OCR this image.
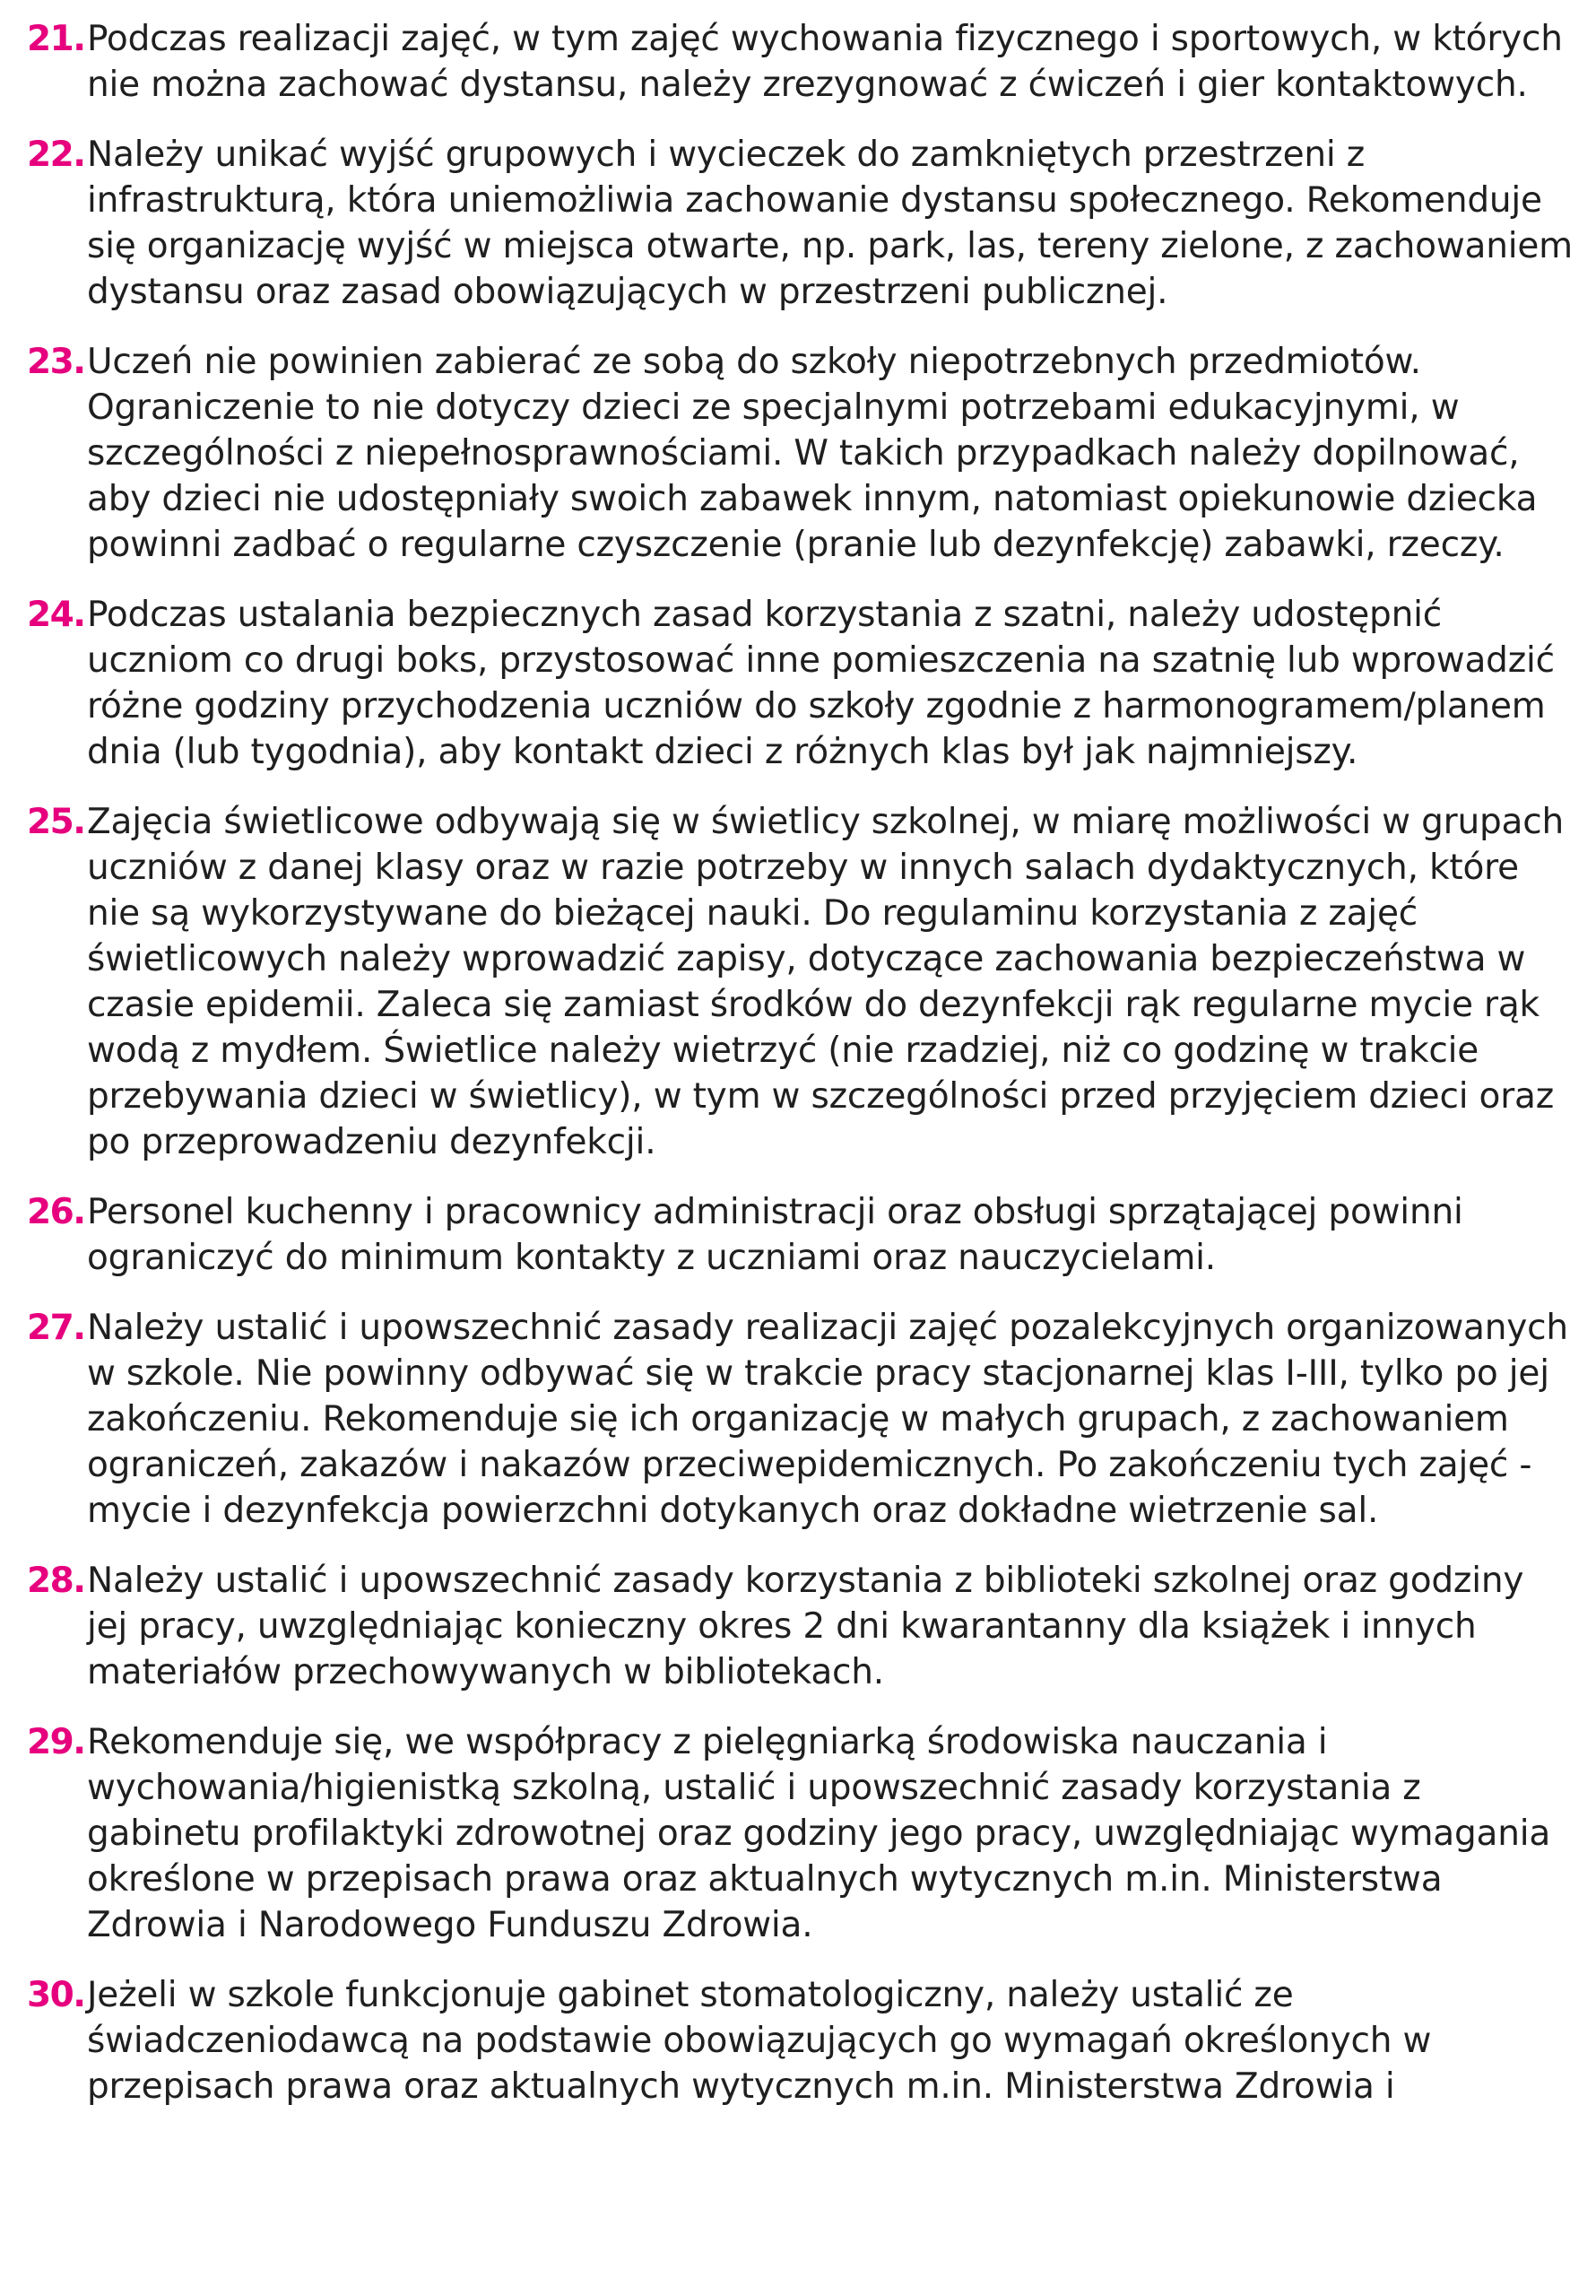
21. Podczas realizacji zajęć, w tym zajęć wychowania fizycznego i sportowych, w których nie można zachować dystansu, należy zrezygnować z ćwiczeń i gier kontaktowych.
22. Należy unikać wyjść grupowych i wycieczek do zamkniętych przestrzeni z infrastrukturą, która uniemożliwia zachowanie dystansu społecznego. Rekomenduje się organizację wyjść w miejsca otwarte, np. park, las, tereny zielone, z zachowaniem dystansu oraz zasad obowiązujących w przestrzeni publicznej.
23. Uczeń nie powinien zabierać ze sobą do szkoły niepotrzebnych przedmiotów. Ograniczenie to nie dotyczy dzieci ze specjalnymi potrzebami edukacyjnymi, w szczególności z niepełnosprawnościami. W takich przypadkach należy dopilnować, aby dzieci nie udostępniały swoich zabawek innym, natomiast opiekunowie dziecka powinni zadbać o regularne czyszczenie (pranie lub dezynfekcję) zabawki, rzeczy.
24. Podczas ustalania bezpiecznych zasad korzystania z szatni, należy udostępnić uczniom co drugi boks, przystosować inne pomieszczenia na szatnię lub wprowadzić różne godziny przychodzenia uczniów do szkoły zgodnie z harmonogramem/planem dnia (lub tygodnia), aby kontakt dzieci z różnych klas był jak najmniejszy.
25. Zajęcia świetlicowe odbywają się w świetlicy szkolnej, w miarę możliwości w grupach uczniów z danej klasy oraz w razie potrzeby w innych salach dydaktycznych, które nie są wykorzystywane do bieżącej nauki. Do regulaminu korzystania z zajęć świetlicowych należy wprowadzić zapisy, dotyczące zachowania bezpieczeństwa w czasie epidemii. Zaleca się zamiast środków do dezynfekcji rąk regularne mycie rąk wodą z mydłem. Świetlice należy wietrzyć (nie rzadziej, niż co godzinę w trakcie przebywania dzieci w świetlicy), w tym w szczególności przed przyjęciem dzieci oraz po przeprowadzeniu dezynfekcji.
26. Personel kuchenny i pracownicy administracji oraz obsługi sprzątającej powinni ograniczyć do minimum kontakty z uczniami oraz nauczycielami.
27. Należy ustalić i upowszechnić zasady realizacji zajęć pozalekcyjnych organizowanych w szkole. Nie powinny odbywać się w trakcie pracy stacjonarnej klas I-III, tylko po jej zakończeniu. Rekomenduje się ich organizację w małych grupach, z zachowaniem ograniczeń, zakazów i nakazów przeciwepidemicznych. Po zakończeniu tych zajęć - mycie i dezynfekcja powierzchni dotykanych oraz dokładne wietrzenie sal.
28. Należy ustalić i upowszechnić zasady korzystania z biblioteki szkolnej oraz godziny jej pracy, uwzględniając konieczny okres 2 dni kwarantanny dla książek i innych materiałów przechowywanych w bibliotekach.
29. Rekomenduje się, we współpracy z pielęgniarką środowiska nauczania i wychowania/higienistką szkolną, ustalić i upowszechnić zasady korzystania z gabinetu profilaktyki zdrowotnej oraz godziny jego pracy, uwzględniając wymagania określone w przepisach prawa oraz aktualnych wytycznych m.in. Ministerstwa Zdrowia i Narodowego Funduszu Zdrowia.
30. Jeżeli w szkole funkcjonuje gabinet stomatologiczny, należy ustalić ze świadczeniodawcą na podstawie obowiązujących go wymagań określonych w przepisach prawa oraz aktualnych wytycznych m.in. Ministerstwa Zdrowia i
